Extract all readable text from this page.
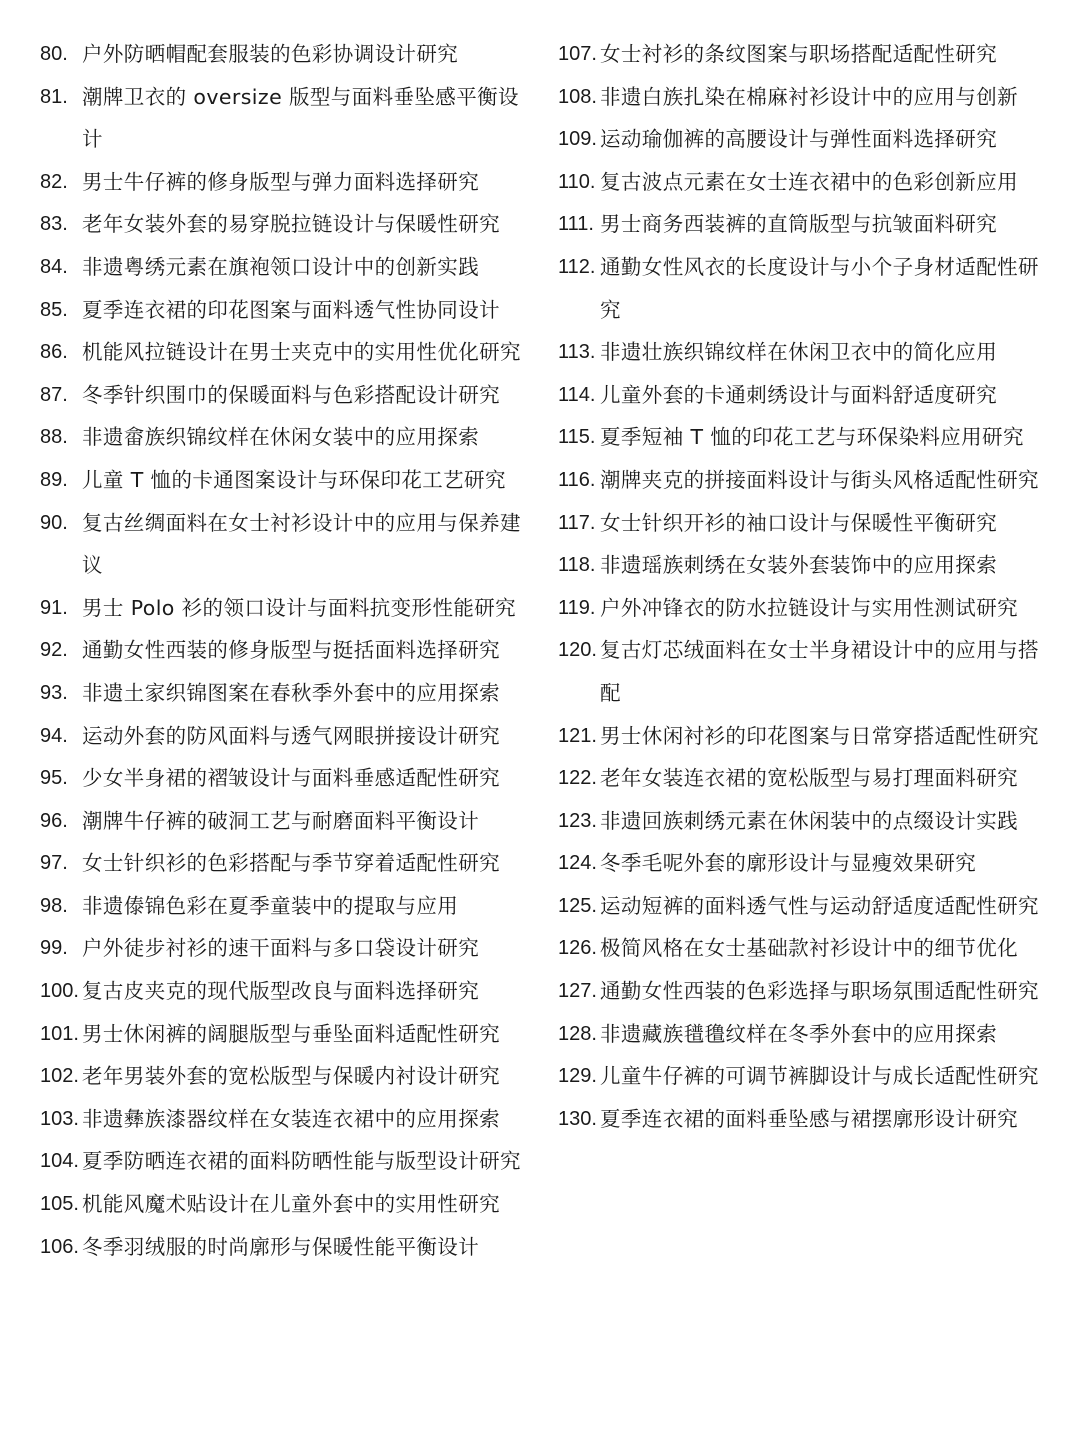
80. 户外防晒帽配套服装的色彩协调设计研究
81. 潮牌卫衣的 oversize 版型与面料垂坠感平衡设计
82. 男士牛仔裤的修身版型与弹力面料选择研究
83. 老年女装外套的易穿脱拉链设计与保暖性研究
84. 非遗粤绣元素在旗袍领口设计中的创新实践
85. 夏季连衣裙的印花图案与面料透气性协同设计
86. 机能风拉链设计在男士夹克中的实用性优化研究
87. 冬季针织围巾的保暖面料与色彩搭配设计研究
88. 非遗畲族织锦纹样在休闲女装中的应用探索
89. 儿童 T 恤的卡通图案设计与环保印花工艺研究
90. 复古丝绸面料在女士衬衫设计中的应用与保养建议
91. 男士 Polo 衫的领口设计与面料抗变形性能研究
92. 通勤女性西装的修身版型与挺括面料选择研究
93. 非遗土家织锦图案在春秋季外套中的应用探索
94. 运动外套的防风面料与透气网眼拼接设计研究
95. 少女半身裙的褶皱设计与面料垂感适配性研究
96. 潮牌牛仔裤的破洞工艺与耐磨面料平衡设计
97. 女士针织衫的色彩搭配与季节穿着适配性研究
98. 非遗傣锦色彩在夏季童装中的提取与应用
99. 户外徒步衬衫的速干面料与多口袋设计研究
100. 复古皮夹克的现代版型改良与面料选择研究
101. 男士休闲裤的阔腿版型与垂坠面料适配性研究
102. 老年男装外套的宽松版型与保暖内衬设计研究
103. 非遗彝族漆器纹样在女装连衣裙中的应用探索
104. 夏季防晒连衣裙的面料防晒性能与版型设计研究
105. 机能风魔术贴设计在儿童外套中的实用性研究
106. 冬季羽绒服的时尚廓形与保暖性能平衡设计
107. 女士衬衫的条纹图案与职场搭配适配性研究
108. 非遗白族扎染在棉麻衬衫设计中的应用与创新
109. 运动瑜伽裤的高腰设计与弹性面料选择研究
110. 复古波点元素在女士连衣裙中的色彩创新应用
111. 男士商务西装裤的直筒版型与抗皱面料研究
112. 通勤女性风衣的长度设计与小个子身材适配性研究
113. 非遗壮族织锦纹样在休闲卫衣中的简化应用
114. 儿童外套的卡通刺绣设计与面料舒适度研究
115. 夏季短袖 T 恤的印花工艺与环保染料应用研究
116. 潮牌夹克的拼接面料设计与街头风格适配性研究
117. 女士针织开衫的袖口设计与保暖性平衡研究
118. 非遗瑶族刺绣在女装外套装饰中的应用探索
119. 户外冲锋衣的防水拉链设计与实用性测试研究
120. 复古灯芯绒面料在女士半身裙设计中的应用与搭配
121. 男士休闲衬衫的印花图案与日常穿搭适配性研究
122. 老年女装连衣裙的宽松版型与易打理面料研究
123. 非遗回族刺绣元素在休闲装中的点缀设计实践
124. 冬季毛呢外套的廓形设计与显瘦效果研究
125. 运动短裤的面料透气性与运动舒适度适配性研究
126. 极简风格在女士基础款衬衫设计中的细节优化
127. 通勤女性西装的色彩选择与职场氛围适配性研究
128. 非遗藏族氆氇纹样在冬季外套中的应用探索
129. 儿童牛仔裤的可调节裤脚设计与成长适配性研究
130. 夏季连衣裙的面料垂坠感与裙摆廓形设计研究
